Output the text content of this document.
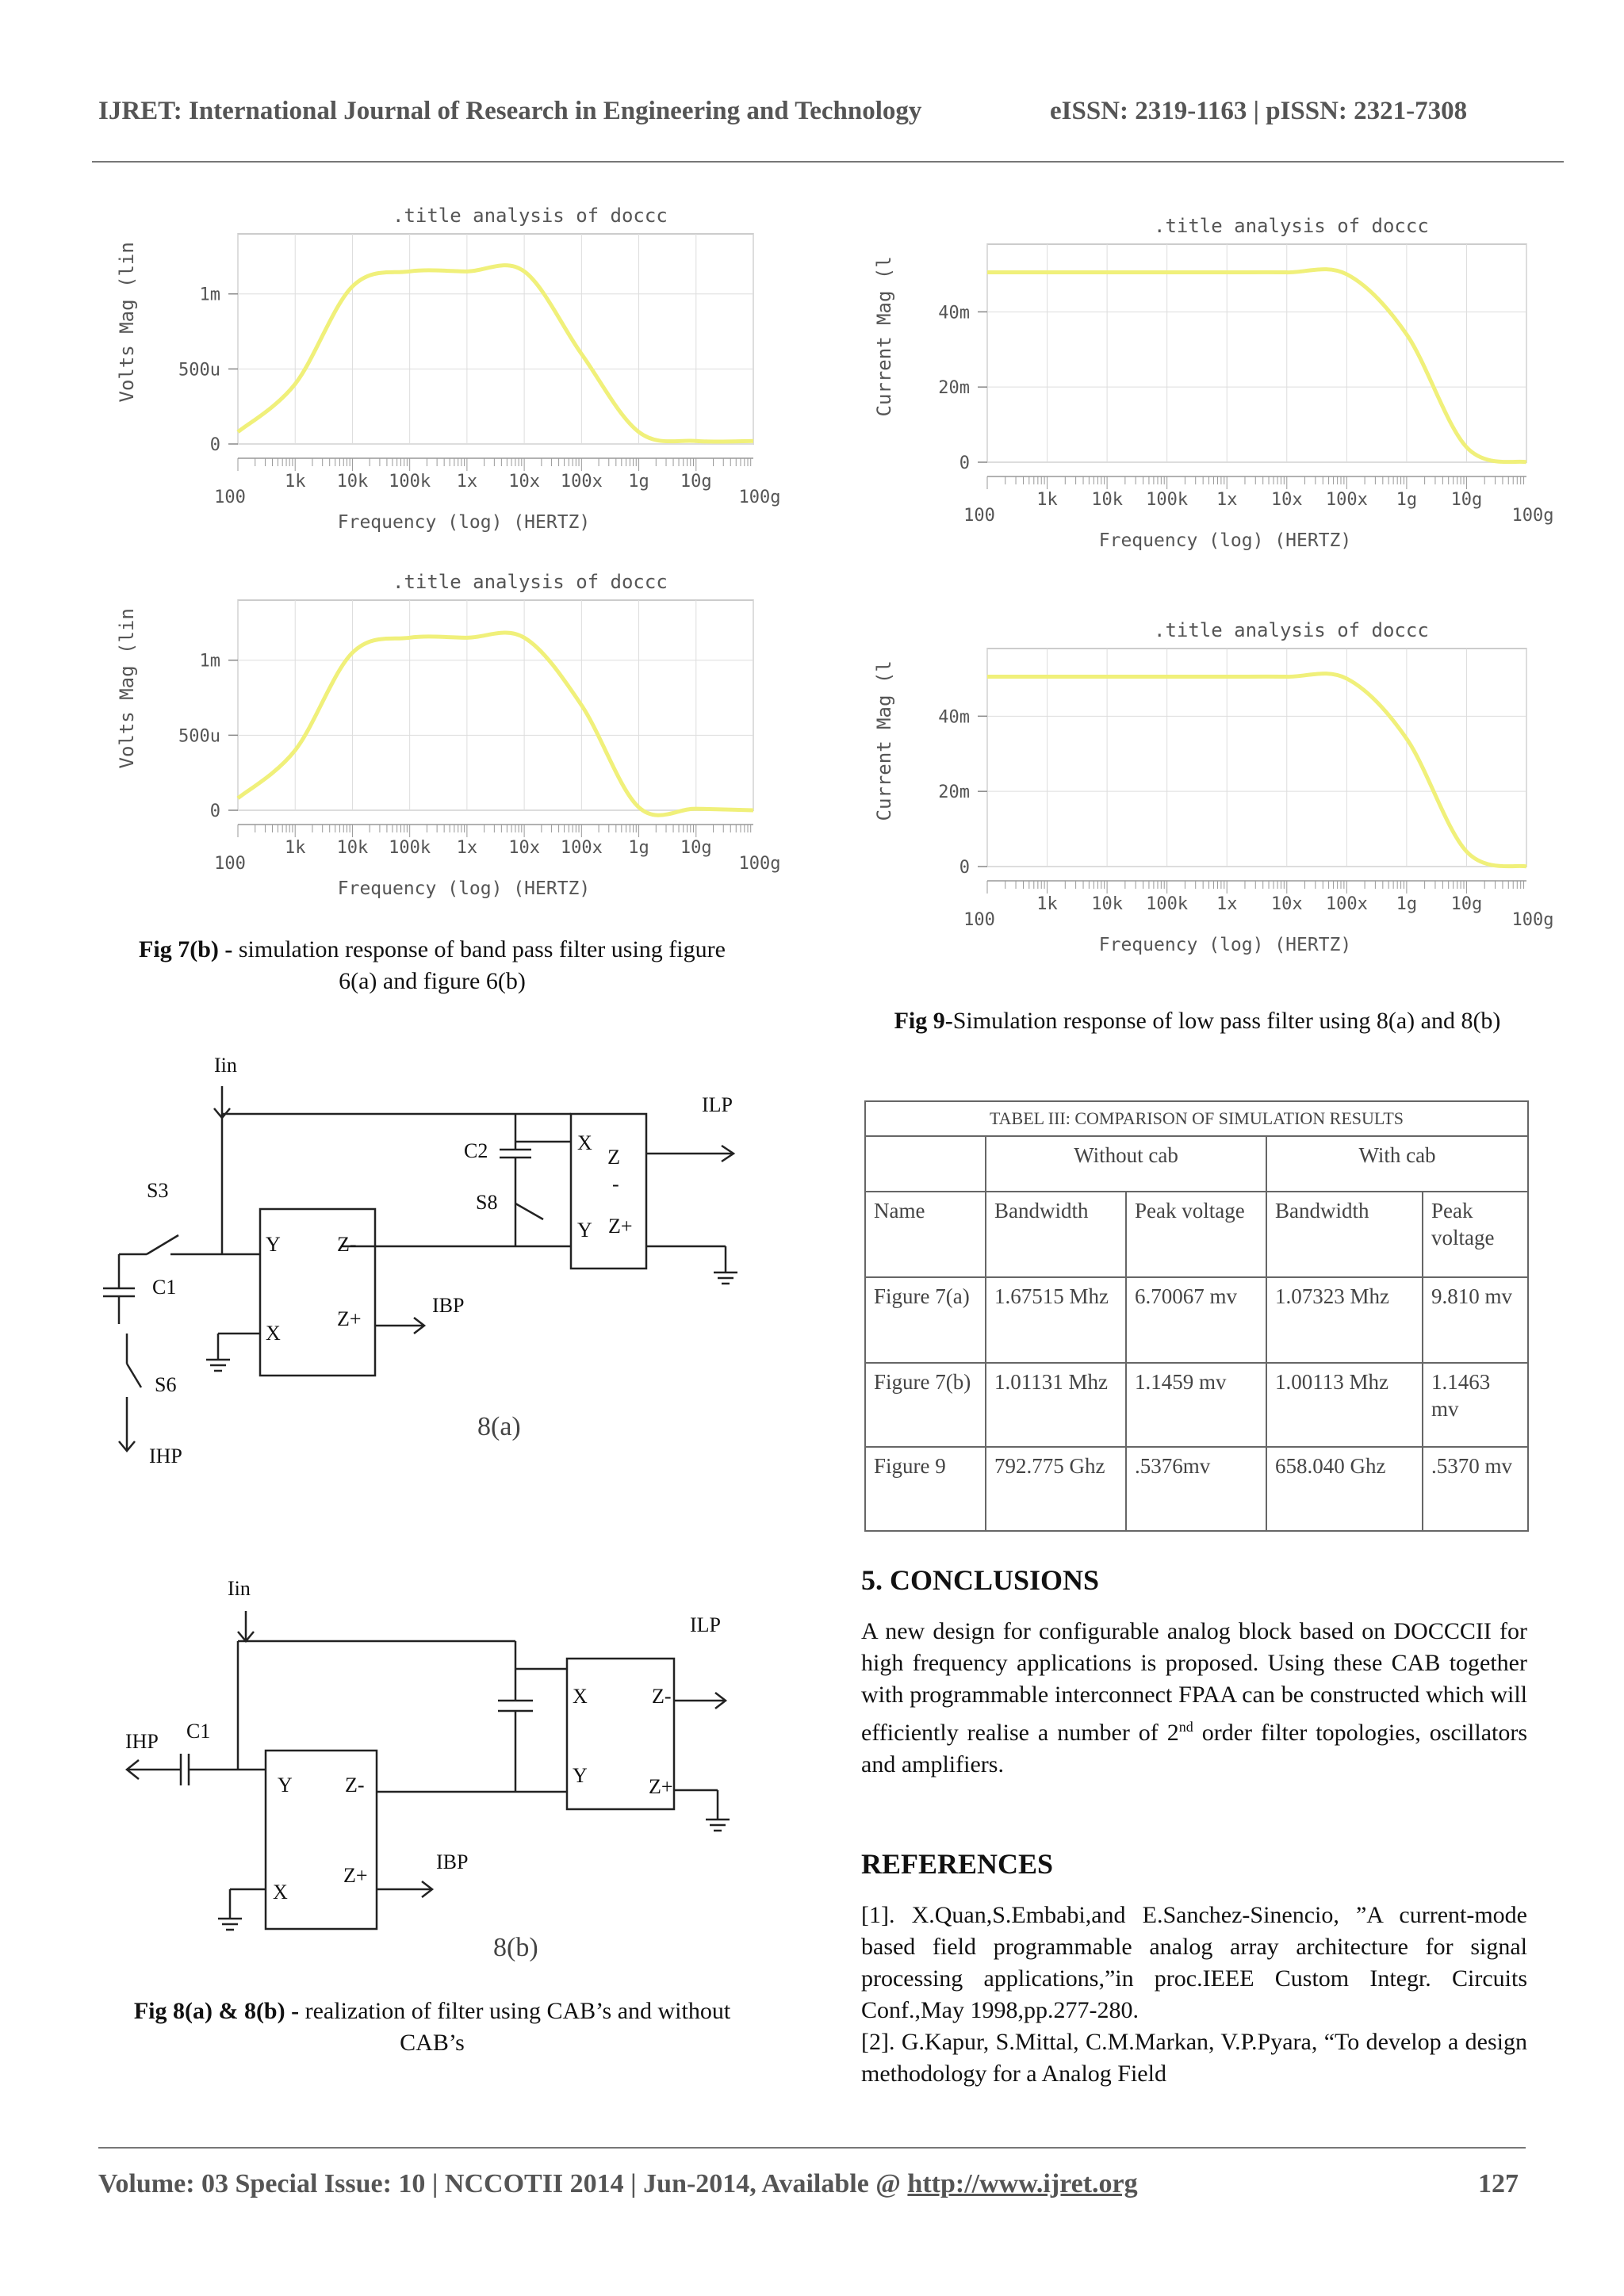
IJRET: International Journal of Research in Engineering and Technology	eISSN: 2319-1163 | pISSN: 2321-7308
.title analysis of doccc
Volts Mag (lin	1m
500u
0
100
1k 10k 100k 1x 10x 100x 1g 10g
100g
Frequency (log) (HERTZ)
.title analysis of doccc
Volts Mag (lin	1m
500u
0
100
1k 10k 100k 1x 10x 100x 1g 10g
100g
Frequency (log) (HERTZ)
.title analysis of doccc
Current Mag (l 40m
20m
0
100
1k 10k 100k 1x 10x 100x 1g 10g
100g
Frequency (log) (HERTZ)
.title analysis of doccc
Current Mag (l 40m
20m
0
100
1k 10k 100k 1x 10x 100x 1g 10g
100g
Frequency (log) (HERTZ)
Fig 7(b) - simulation response of band pass filter using figure 6(a) and figure 6(b)
Fig 9-Simulation response of low pass filter using 8(a) and 8(b)
Fig 8(a) & 8(b) - realization of filter using CAB’s and without CAB’s
Iin
ILP
C2
S8
S3
C1
S6
IHP
IBP
Y
X
Z-
Z+
X
Y
Z
-
Z+
8(a)
Iin
ILP
IHP C1
IBP
Y
X
Z-
Z+
X
Y
Z-
Z+
8(b)
TABEL III: COMPARISON OF SIMULATION RESULTS				
	Without cab		With cab	
Name	Bandwidth	Peak voltage	Bandwidth	Peak voltage
Figure 7(a)	1.67515 Mhz	6.70067 mv	1.07323 Mhz	9.810 mv
Figure 7(b)	1.01131 Mhz	1.1459 mv	1.00113 Mhz	1.1463 mv
Figure 9	792.775 Ghz	.5376mv	658.040 Ghz	.5370 mv
5. CONCLUSIONS
A new design for configurable analog block based on DOCCCII for high frequency applications is proposed. Using these CAB together with programmable interconnect FPAA can be constructed which will efficiently realise a number of 2nd order filter topologies, oscillators and amplifiers.
REFERENCES
[1]. X.Quan,S.Embabi,and E.Sanchez-Sinencio, ”A current-mode based field programmable analog array architecture for signal processing applications,”in proc.IEEE Custom Integr. Circuits Conf.,May 1998,pp.277-280.
[2]. G.Kapur, S.Mittal, C.M.Markan, V.P.Pyara, “To develop a design methodology for a Analog Field
Volume: 03 Special Issue: 10 | NCCOTII 2014 | Jun-2014, Available @ http://www.ijret.org	127
